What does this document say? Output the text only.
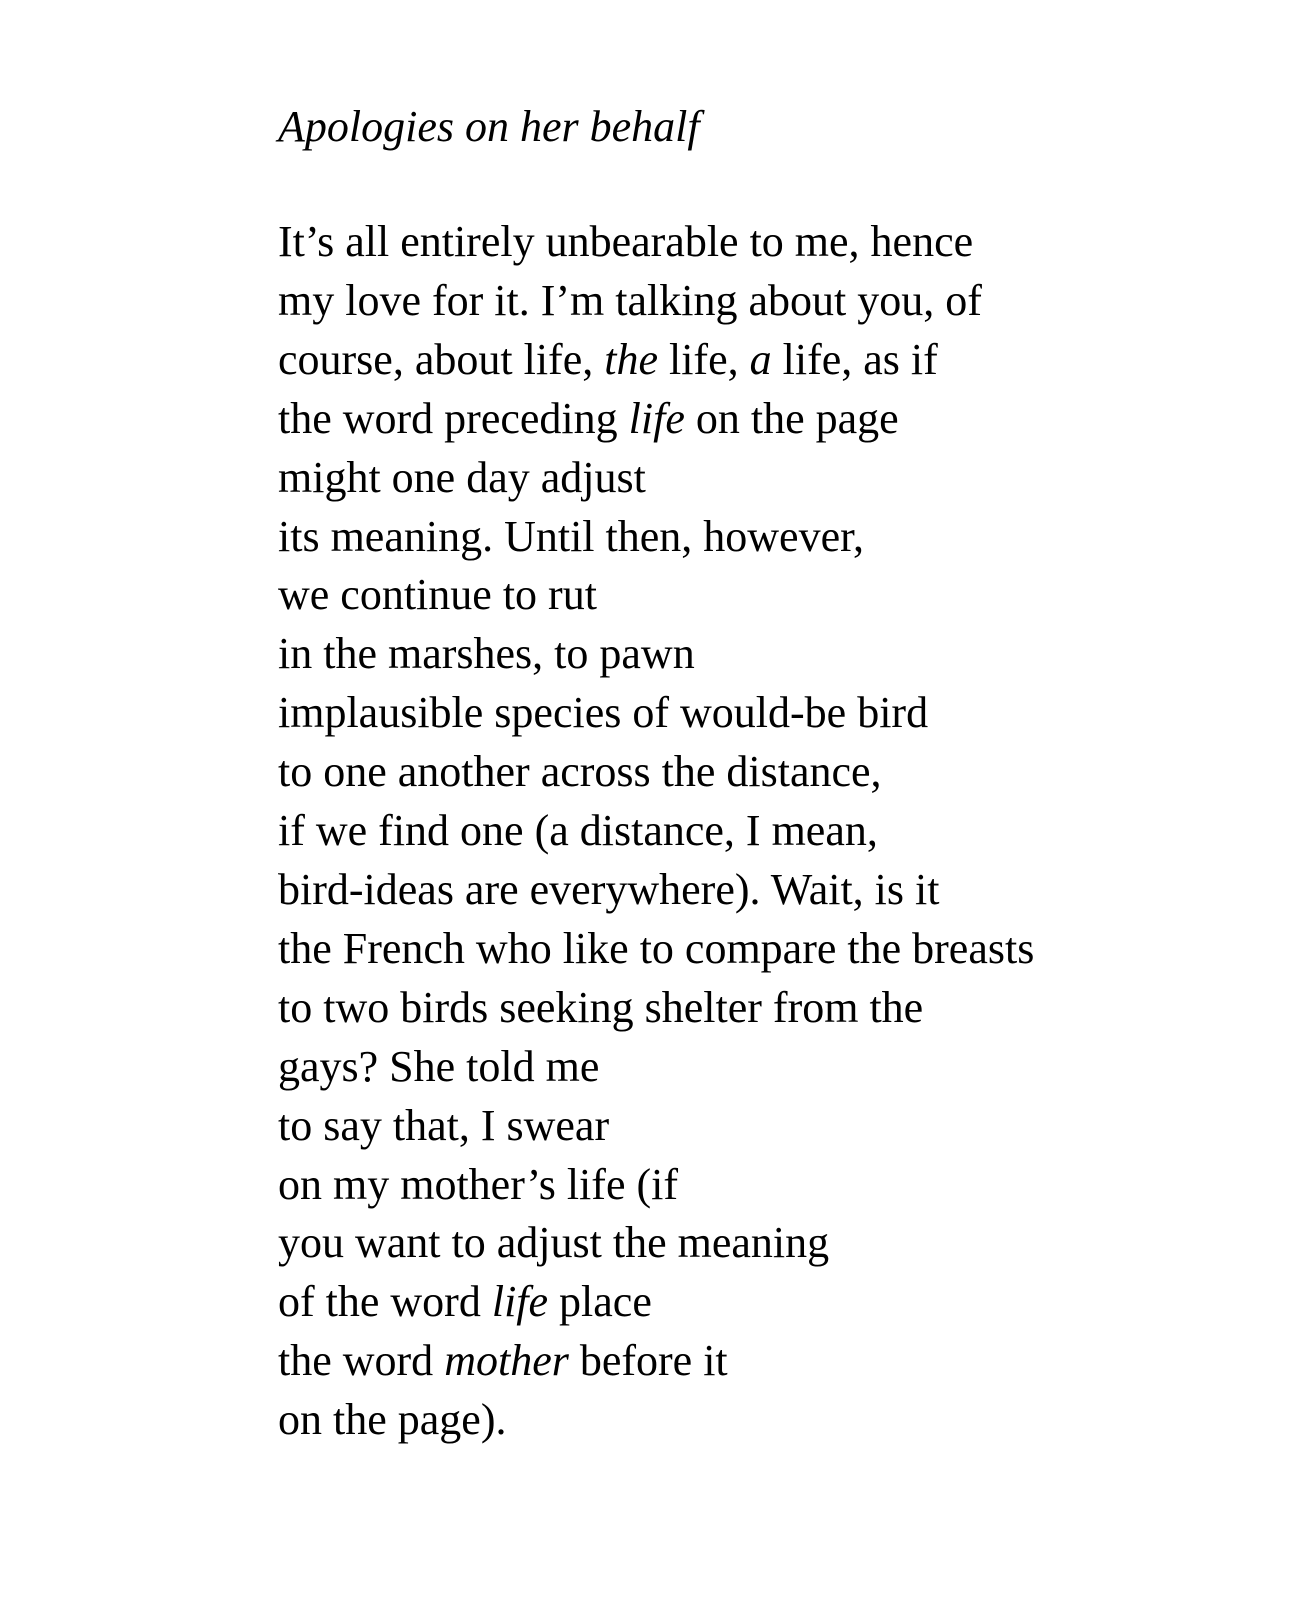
Apologies on her behalf
It’s all entirely unbearable to me, hence
my love for it. I’m talking about you, of
course, about life, the life, a life, as if
the word preceding life on the page
might one day adjust
its meaning. Until then, however,
we continue to rut
in the marshes, to pawn
implausible species of would-be bird
to one another across the distance,
if we find one (a distance, I mean,
bird-ideas are everywhere). Wait, is it
the French who like to compare the breasts
to two birds seeking shelter from the
gays? She told me
to say that, I swear
on my mother’s life (if
you want to adjust the meaning
of the word life place
the word mother before it
on the page).
